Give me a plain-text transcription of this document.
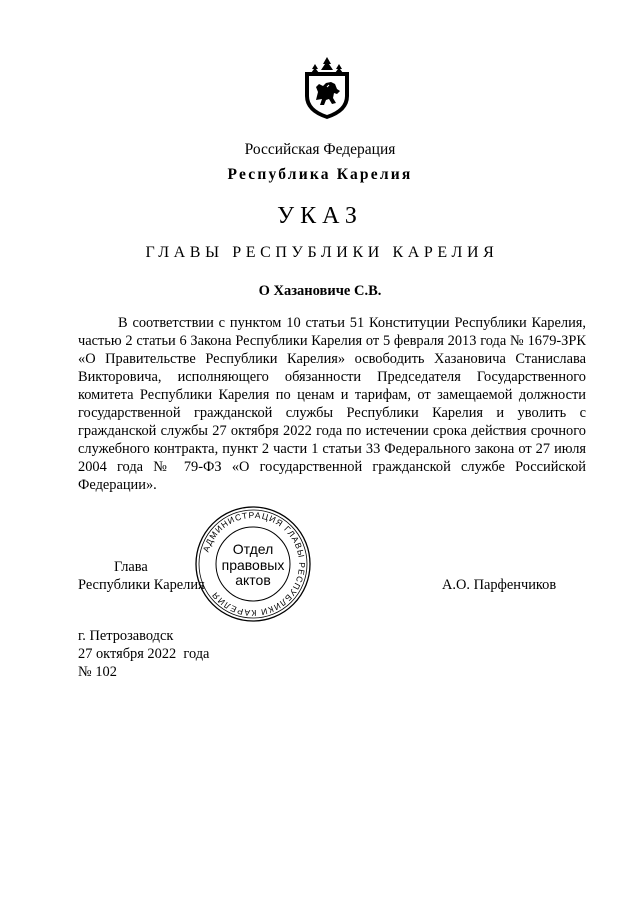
Российская Федерация
Республика Карелия
УКАЗ
ГЛАВЫ РЕСПУБЛИКИ КАРЕЛИЯ
О Хазановиче С.В.

В соответствии с пунктом 10 статьи 51 Конституции Республики Карелия, частью 2 статьи 6 Закона Республики Карелия от 5 февраля 2013 года № 1679-ЗРК «О Правительстве Республики Карелия» освободить Хазановича Станислава Викторовича, исполняющего обязанности Председателя Государственного комитета Республики Карелия по ценам и тарифам, от замещаемой должности государственной гражданской службы Республики Карелия и уволить с гражданской службы 27 октября 2022 года по истечении срока действия срочного служебного контракта, пункт 2 части 1 статьи 33 Федерального закона от 27 июля 2004 года № 79-ФЗ «О государственной гражданской службе Российской Федерации».

АДМИНИСТРАЦИЯ ГЛАВЫ РЕСПУБЛИКИ КАРЕЛИЯ
Отдел
правовых
актов
Глава
Республики Карелия	А.О. Парфенчиков
г. Петрозаводск
27 октября 2022  года
№ 102
